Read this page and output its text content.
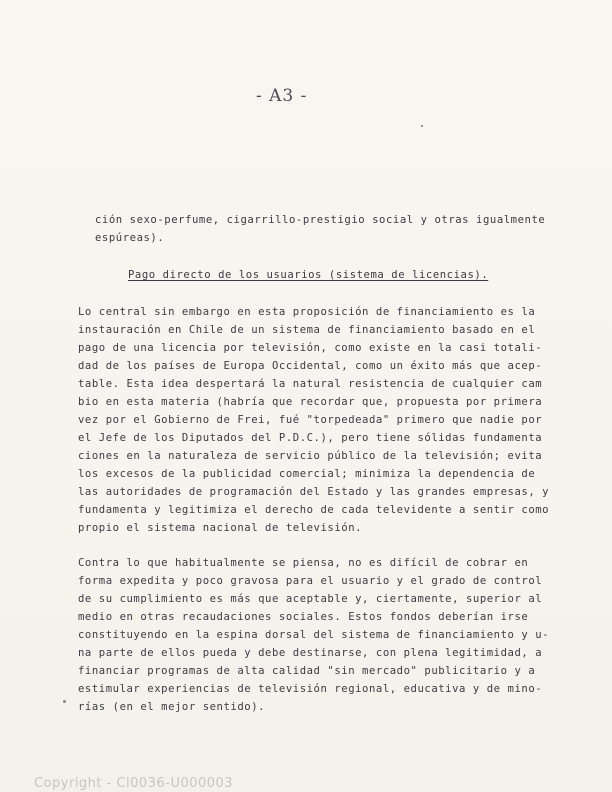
- A3 -
ción sexo-perfume, cigarrillo-prestigio social y otras igualmente
espúreas).
Pago directo de los usuarios (sistema de licencias).
Lo central sin embargo en esta proposición de financiamiento es la
instauración en Chile de un sistema de financiamiento basado en el
pago de una licencia por televisión, como existe en la casi totali-
dad de los países de Europa Occidental, como un éxito más que acep-
table. Esta idea despertará la natural resistencia de cualquier cam
bio en esta materia (habría que recordar que, propuesta por primera
vez por el Gobierno de Frei, fué "torpedeada" primero que nadie por
el Jefe de los Diputados del P.D.C.), pero tiene sólidas fundamenta
ciones en la naturaleza de servicio público de la televisión; evita
los excesos de la publicidad comercial; minimiza la dependencia de
las autoridades de programación del Estado y las grandes empresas, y
fundamenta y legitimiza el derecho de cada televidente a sentir como
propio el sistema nacional de televisión.
Contra lo que habitualmente se piensa, no es difícil de cobrar en
forma expedita y poco gravosa para el usuario y el grado de control
de su cumplimiento es más que aceptable y, ciertamente, superior al
medio en otras recaudaciones sociales. Estos fondos deberían irse
constituyendo en la espina dorsal del sistema de financiamiento y u-
na parte de ellos pueda y debe destinarse, con plena legitimidad, a
financiar programas de alta calidad "sin mercado" publicitario y a
estimular experiencias de televisión regional, educativa y de mino-
rías (en el mejor sentido).
Copyright - Cl0036-U000003
